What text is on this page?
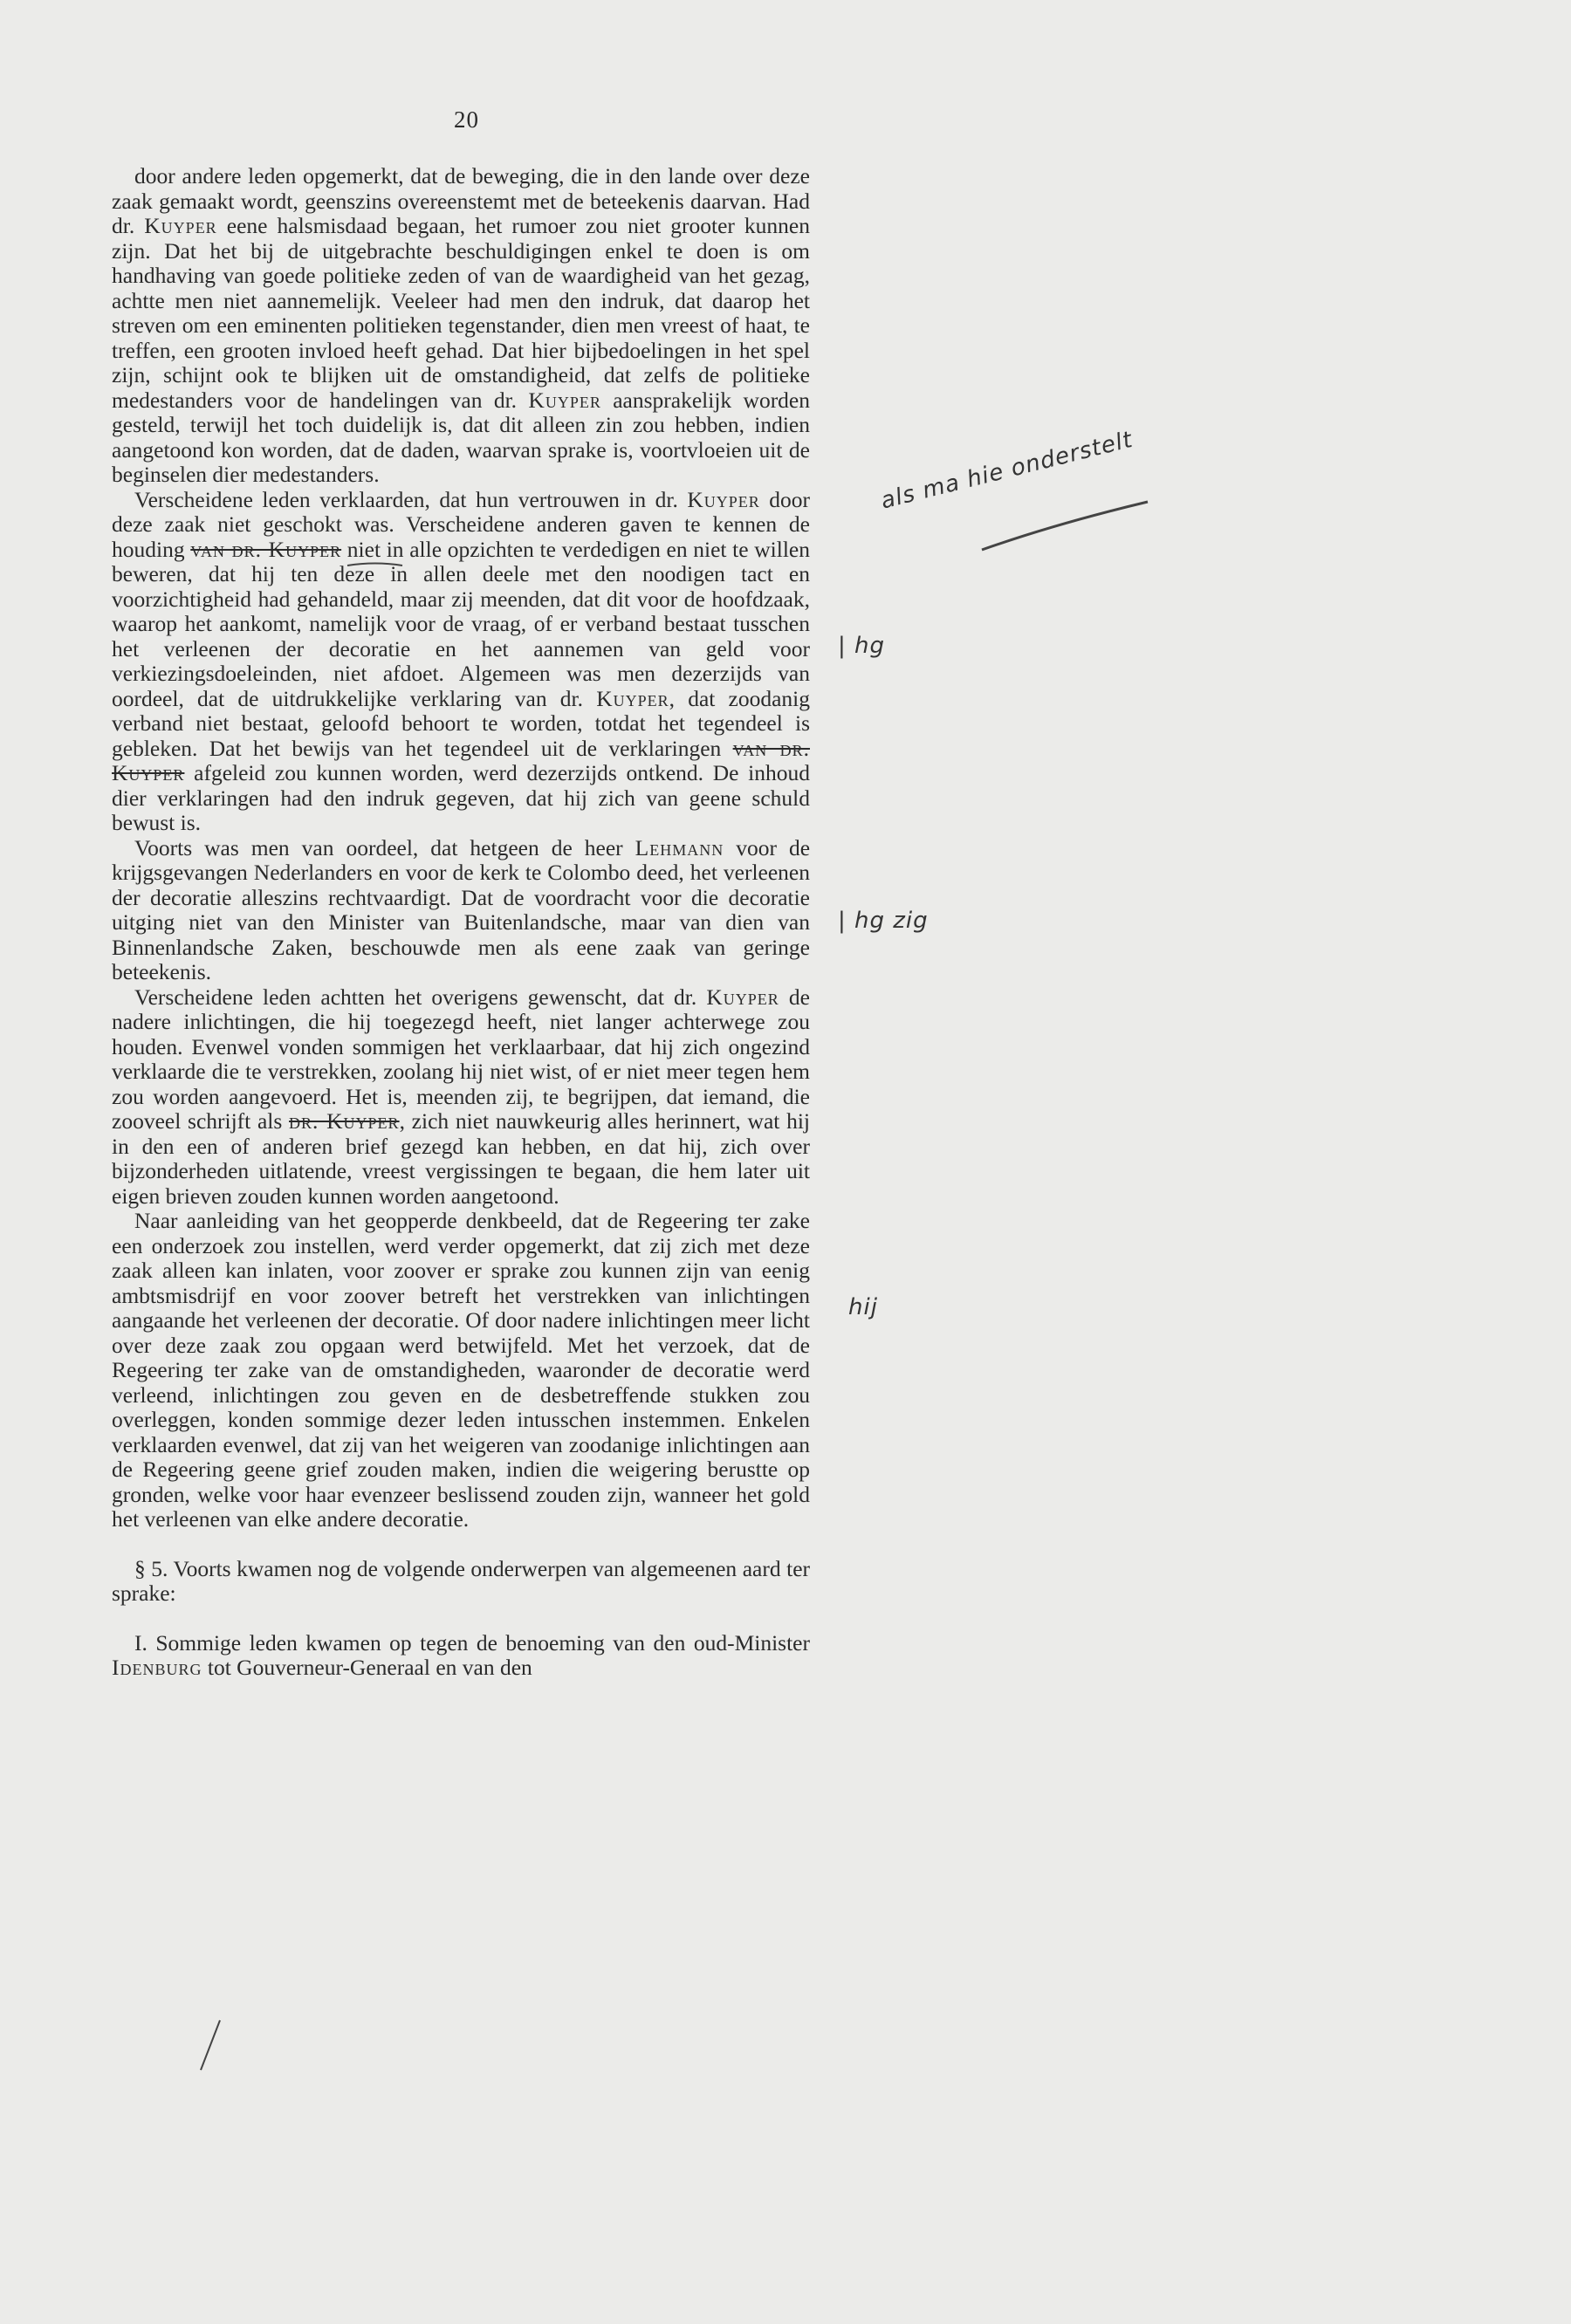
20

door andere leden opgemerkt, dat de beweging, die in den lande over deze zaak gemaakt wordt, geenszins overeenstemt met de beteekenis daarvan. Had dr. Kuyper eene halsmisdaad begaan, het rumoer zou niet grooter kunnen zijn. Dat het bij de uitgebrachte beschuldigingen enkel te doen is om handhaving van goede politieke zeden of van de waardigheid van het gezag, achtte men niet aannemelijk. Veeleer had men den indruk, dat daarop het streven om een eminenten politieken tegenstander, dien men vreest of haat, te treffen, een grooten invloed heeft gehad. Dat hier bijbedoelingen in het spel zijn, schijnt ook te blijken uit de omstandigheid, dat zelfs de politieke medestanders voor de handelingen van dr. Kuyper aansprakelijk worden gesteld, terwijl het toch duidelijk is, dat dit alleen zin zou hebben, indien aangetoond kon worden, dat de daden, waarvan sprake is, voortvloeien uit de beginselen dier medestanders.

Verscheidene leden verklaarden, dat hun vertrouwen in dr. Kuyper door deze zaak niet geschokt was. Verscheidene anderen gaven te kennen de houding van dr. Kuyper niet in alle opzichten te verdedigen en niet te willen beweren, dat hij ten deze in allen deele met den noodigen tact en voorzichtigheid had gehandeld, maar zij meenden, dat dit voor de hoofdzaak, waarop het aankomt, namelijk voor de vraag, of er verband bestaat tusschen het verleenen der decoratie en het aannemen van geld voor verkiezingsdoeleinden, niet afdoet. Algemeen was men dezerzijds van oordeel, dat de uitdrukkelijke verklaring van dr. Kuyper, dat zoodanig verband niet bestaat, geloofd behoort te worden, totdat het tegendeel is gebleken. Dat het bewijs van het tegendeel uit de verklaringen van dr. Kuyper afgeleid zou kunnen worden, werd dezerzijds ontkend. De inhoud dier verklaringen had den indruk gegeven, dat hij zich van geene schuld bewust is.

Voorts was men van oordeel, dat hetgeen de heer Lehmann voor de krijgsgevangen Nederlanders en voor de kerk te Colombo deed, het verleenen der decoratie alleszins rechtvaardigt. Dat de voordracht voor die decoratie uitging niet van den Minister van Buitenlandsche, maar van dien van Binnenlandsche Zaken, beschouwde men als eene zaak van geringe beteekenis.

Verscheidene leden achtten het overigens gewenscht, dat dr. Kuyper de nadere inlichtingen, die hij toegezegd heeft, niet langer achterwege zou houden. Evenwel vonden sommigen het verklaarbaar, dat hij zich ongezind verklaarde die te verstrekken, zoolang hij niet wist, of er niet meer tegen hem zou worden aangevoerd. Het is, meenden zij, te begrijpen, dat iemand, die zooveel schrijft als dr. Kuyper, zich niet nauwkeurig alles herinnert, wat hij in den een of anderen brief gezegd kan hebben, en dat hij, zich over bijzonderheden uitlatende, vreest vergissingen te begaan, die hem later uit eigen brieven zouden kunnen worden aangetoond.

Naar aanleiding van het geopperde denkbeeld, dat de Regeering ter zake een onderzoek zou instellen, werd verder opgemerkt, dat zij zich met deze zaak alleen kan inlaten, voor zoover er sprake zou kunnen zijn van eenig ambtsmisdrijf en voor zoover betreft het verstrekken van inlichtingen aangaande het verleenen der decoratie. Of door nadere inlichtingen meer licht over deze zaak zou opgaan werd betwijfeld. Met het verzoek, dat de Regeering ter zake van de omstandigheden, waaronder de decoratie werd verleend, inlichtingen zou geven en de desbetreffende stukken zou overleggen, konden sommige dezer leden intusschen instemmen. Enkelen verklaarden evenwel, dat zij van het weigeren van zoodanige inlichtingen aan de Regeering geene grief zouden maken, indien die weigering berustte op gronden, welke voor haar evenzeer beslissend zouden zijn, wanneer het gold het verleenen van elke andere decoratie.

§ 5. Voorts kwamen nog de volgende onderwerpen van algemeenen aard ter sprake:

I. Sommige leden kwamen op tegen de benoeming van den oud-Minister Idenburg tot Gouverneur-Generaal en van den

als ma hie onderstelt
| hg
| hg zig
hij
